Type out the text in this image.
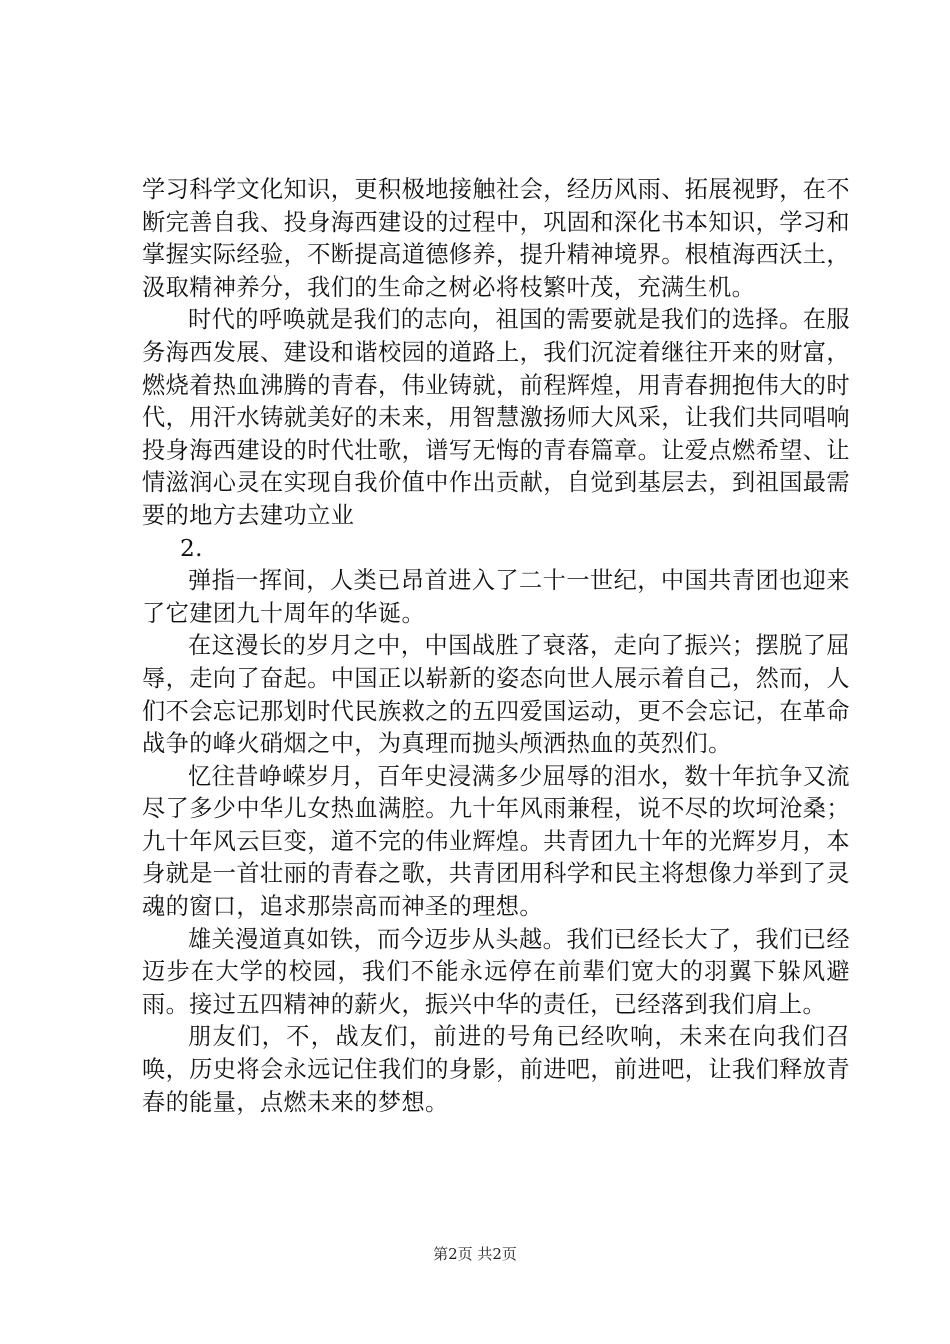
学习科学文化知识，更积极地接触社会，经历风雨、拓展视野，在不断完善自我、投身海西建设的过程中，巩固和深化书本知识，学习和掌握实际经验，不断提高道德修养，提升精神境界。根植海西沃土，汲取精神养分，我们的生命之树必将枝繁叶茂，充满生机。

时代的呼唤就是我们的志向，祖国的需要就是我们的选择。在服务海西发展、建设和谐校园的道路上，我们沉淀着继往开来的财富，燃烧着热血沸腾的青春，伟业铸就，前程辉煌，用青春拥抱伟大的时代，用汗水铸就美好的未来，用智慧激扬师大风采，让我们共同唱响投身海西建设的时代壮歌，谱写无悔的青春篇章。让爱点燃希望、让情滋润心灵在实现自我价值中作出贡献，自觉到基层去，到祖国最需要的地方去建功立业

2.

弹指一挥间，人类已昂首进入了二十一世纪，中国共青团也迎来了它建团九十周年的华诞。

在这漫长的岁月之中，中国战胜了衰落，走向了振兴；摆脱了屈辱，走向了奋起。中国正以崭新的姿态向世人展示着自己，然而，人们不会忘记那划时代民族救之的五四爱国运动，更不会忘记，在革命战争的峰火硝烟之中，为真理而抛头颅洒热血的英烈们。

忆往昔峥嵘岁月，百年史浸满多少屈辱的泪水，数十年抗争又流尽了多少中华儿女热血满腔。九十年风雨兼程，说不尽的坎坷沧桑；九十年风云巨变，道不完的伟业辉煌。共青团九十年的光辉岁月，本身就是一首壮丽的青春之歌，共青团用科学和民主将想像力举到了灵魂的窗口，追求那崇高而神圣的理想。

雄关漫道真如铁，而今迈步从头越。我们已经长大了，我们已经迈步在大学的校园，我们不能永远停在前辈们宽大的羽翼下躲风避雨。接过五四精神的薪火，振兴中华的责任，已经落到我们肩上。

朋友们，不，战友们，前进的号角已经吹响，未来在向我们召唤，历史将会永远记住我们的身影，前进吧，前进吧，让我们释放青春的能量，点燃未来的梦想。

第2页 共2页
